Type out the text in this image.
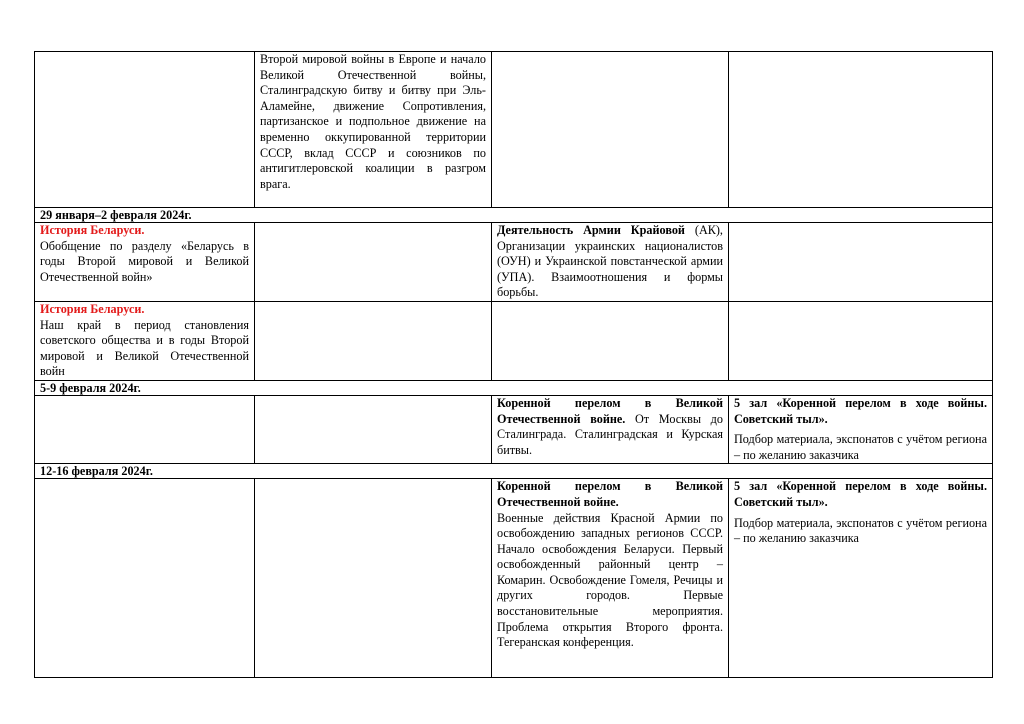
	Второй мировой войны в Европе и начало Великой Отечественной войны, Сталинградскую битву и битву при Эль-Аламейне, движение Сопротивления, партизанское и подпольное движение на временно оккупированной территории СССР, вклад СССР и союзников по антигитлеровской коалиции в разгром врага.		
29 января–2 февраля 2024г.			

История Беларуси.
Обобщение по разделу «Беларусь в годы Второй мировой и Великой Отечественной войн»		Деятельность Армии Крайовой (АК), Организации украинских националистов (ОУН) и Украинской повстанческой армии (УПА). Взаимоотношения и формы борьбы.	

История Беларуси.
Наш край в период становления советского общества и в годы Второй мировой и Великой Отечественной войн			
5-9 февраля 2024г.			
		Коренной перелом в Великой Отечественной войне. От Москвы до Сталинграда. Сталинградская и Курская битвы.	5 зал «Коренной перелом в ходе войны. Советский тыл».
Подбор материала, экспонатов с учётом региона – по желанию заказчика
12-16 февраля 2024г.			

		Коренной перелом в Великой Отечественной войне.
Военные действия Красной Армии по освобождению западных регионов СССР. Начало освобождения Беларуси. Первый освобожденный районный центр – Комарин. Освобождение Гомеля, Речицы и других городов. Первые восстановительные мероприятия. Проблема открытия Второго фронта. Тегеранская конференция.	5 зал «Коренной перелом в ходе войны. Советский тыл».
Подбор материала, экспонатов с учётом региона – по желанию заказчика
